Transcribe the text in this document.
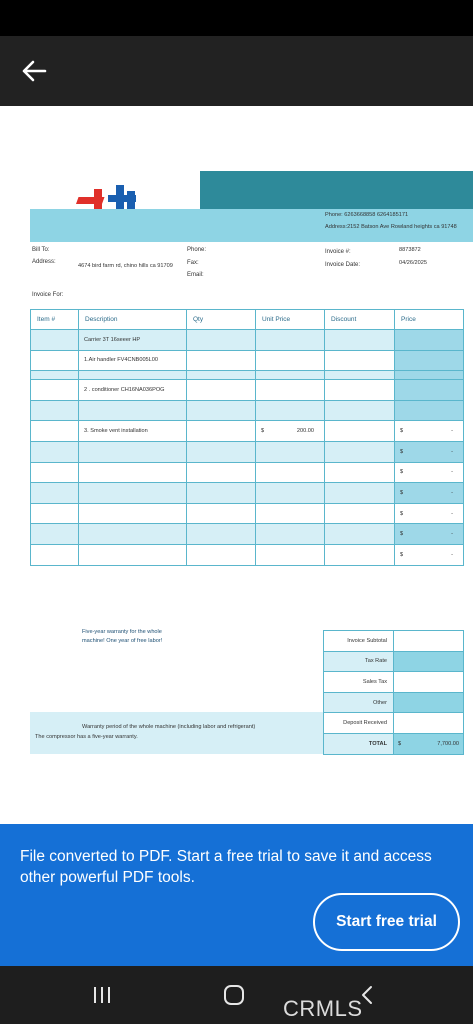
Phone: 6263668858 6264185171
Address:2152 Batson Ave Rowland heights ca 91748
Bill To:
Address:
4674 bird farm rd, chino hills ca 91709
Phone:
Fax:
Email:
Invoice #:	8873872
Invoice Date:	04/26/2025
Invoice For:
Item #	Description	Qty	Unit Price	Discount	Price
	Carrier 3T 16seeer HP				
	1.Air handler FV4CNB005L00				

	2 . conditioner CH16NA036POG				

	3. Smoke vent installation		$ 200.00		$ -

					$ -

					$ -

					$ -

					$ -

					$ -

					$ -
Five-year warranty for the whole
machine! One year of free labor!	Invoice Subtotal	
Tax Rate	
Sales Tax	
Other	
Deposit Received	
TOTAL	$ 7,700.00
Warranty period of the whole machine (including labor and refrigerant)
The compressor has a five-year warranty.
File converted to PDF. Start a free trial to save it and access other powerful PDF tools.
Start free trial
CRMLS
